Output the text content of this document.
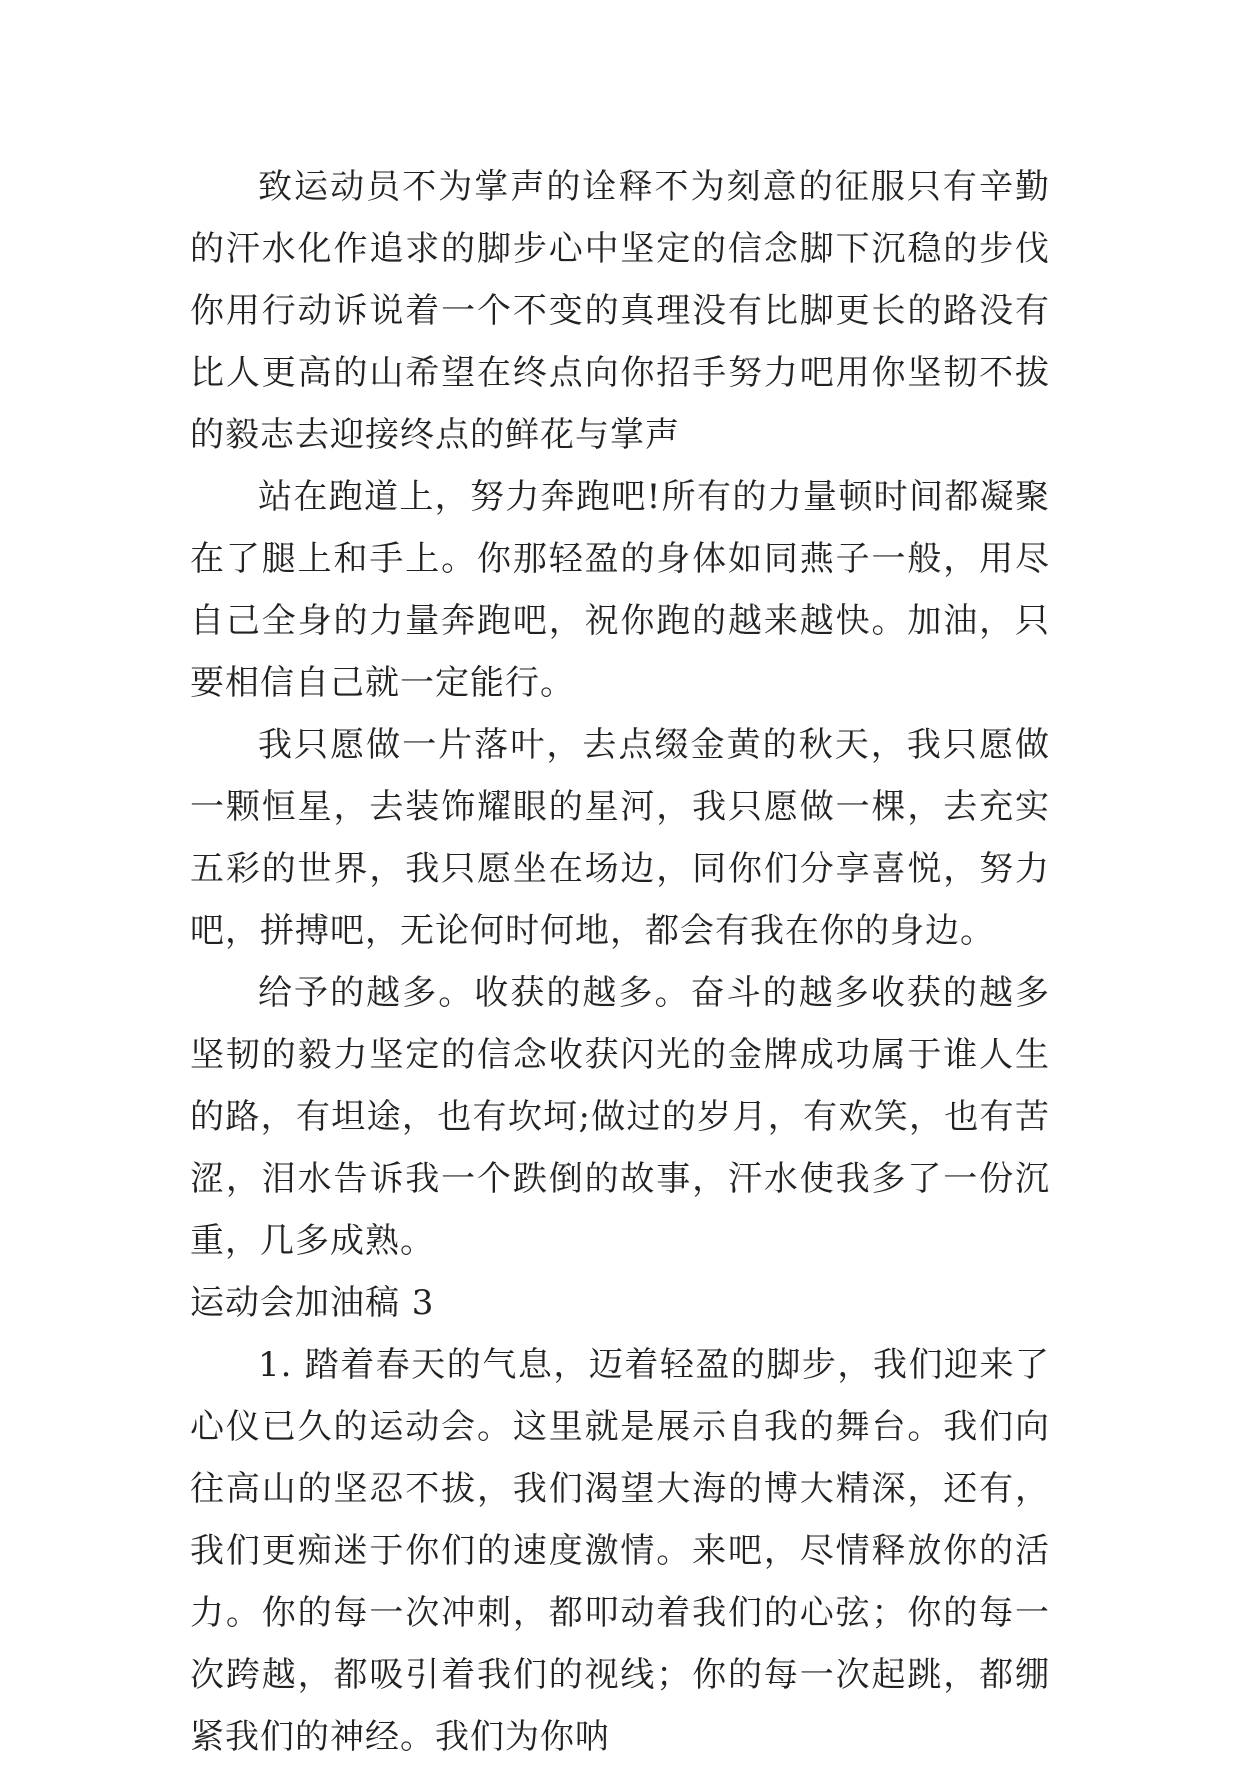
致运动员不为掌声的诠释不为刻意的征服只有辛勤的汗水化作追求的脚步心中坚定的信念脚下沉稳的步伐你用行动诉说着一个不变的真理没有比脚更长的路没有比人更高的山希望在终点向你招手努力吧用你坚韧不拔的毅志去迎接终点的鲜花与掌声

站在跑道上，努力奔跑吧!所有的力量顿时间都凝聚在了腿上和手上。你那轻盈的身体如同燕子一般，用尽自己全身的力量奔跑吧，祝你跑的越来越快。加油，只要相信自己就一定能行。

我只愿做一片落叶，去点缀金黄的秋天，我只愿做一颗恒星，去装饰耀眼的星河，我只愿做一棵，去充实五彩的世界，我只愿坐在场边，同你们分享喜悦，努力吧，拼搏吧，无论何时何地，都会有我在你的身边。

给予的越多。收获的越多。奋斗的越多收获的越多坚韧的毅力坚定的信念收获闪光的金牌成功属于谁人生的路，有坦途，也有坎坷;做过的岁月，有欢笑，也有苦涩，泪水告诉我一个跌倒的故事，汗水使我多了一份沉重，几多成熟。

运动会加油稿 3

1. 踏着春天的气息，迈着轻盈的脚步，我们迎来了心仪已久的运动会。这里就是展示自我的舞台。我们向往高山的坚忍不拔，我们渴望大海的博大精深，还有，我们更痴迷于你们的速度激情。来吧，尽情释放你的活力。你的每一次冲刺，都叩动着我们的心弦；你的每一次跨越，都吸引着我们的视线；你的每一次起跳，都绷紧我们的神经。我们为你呐
